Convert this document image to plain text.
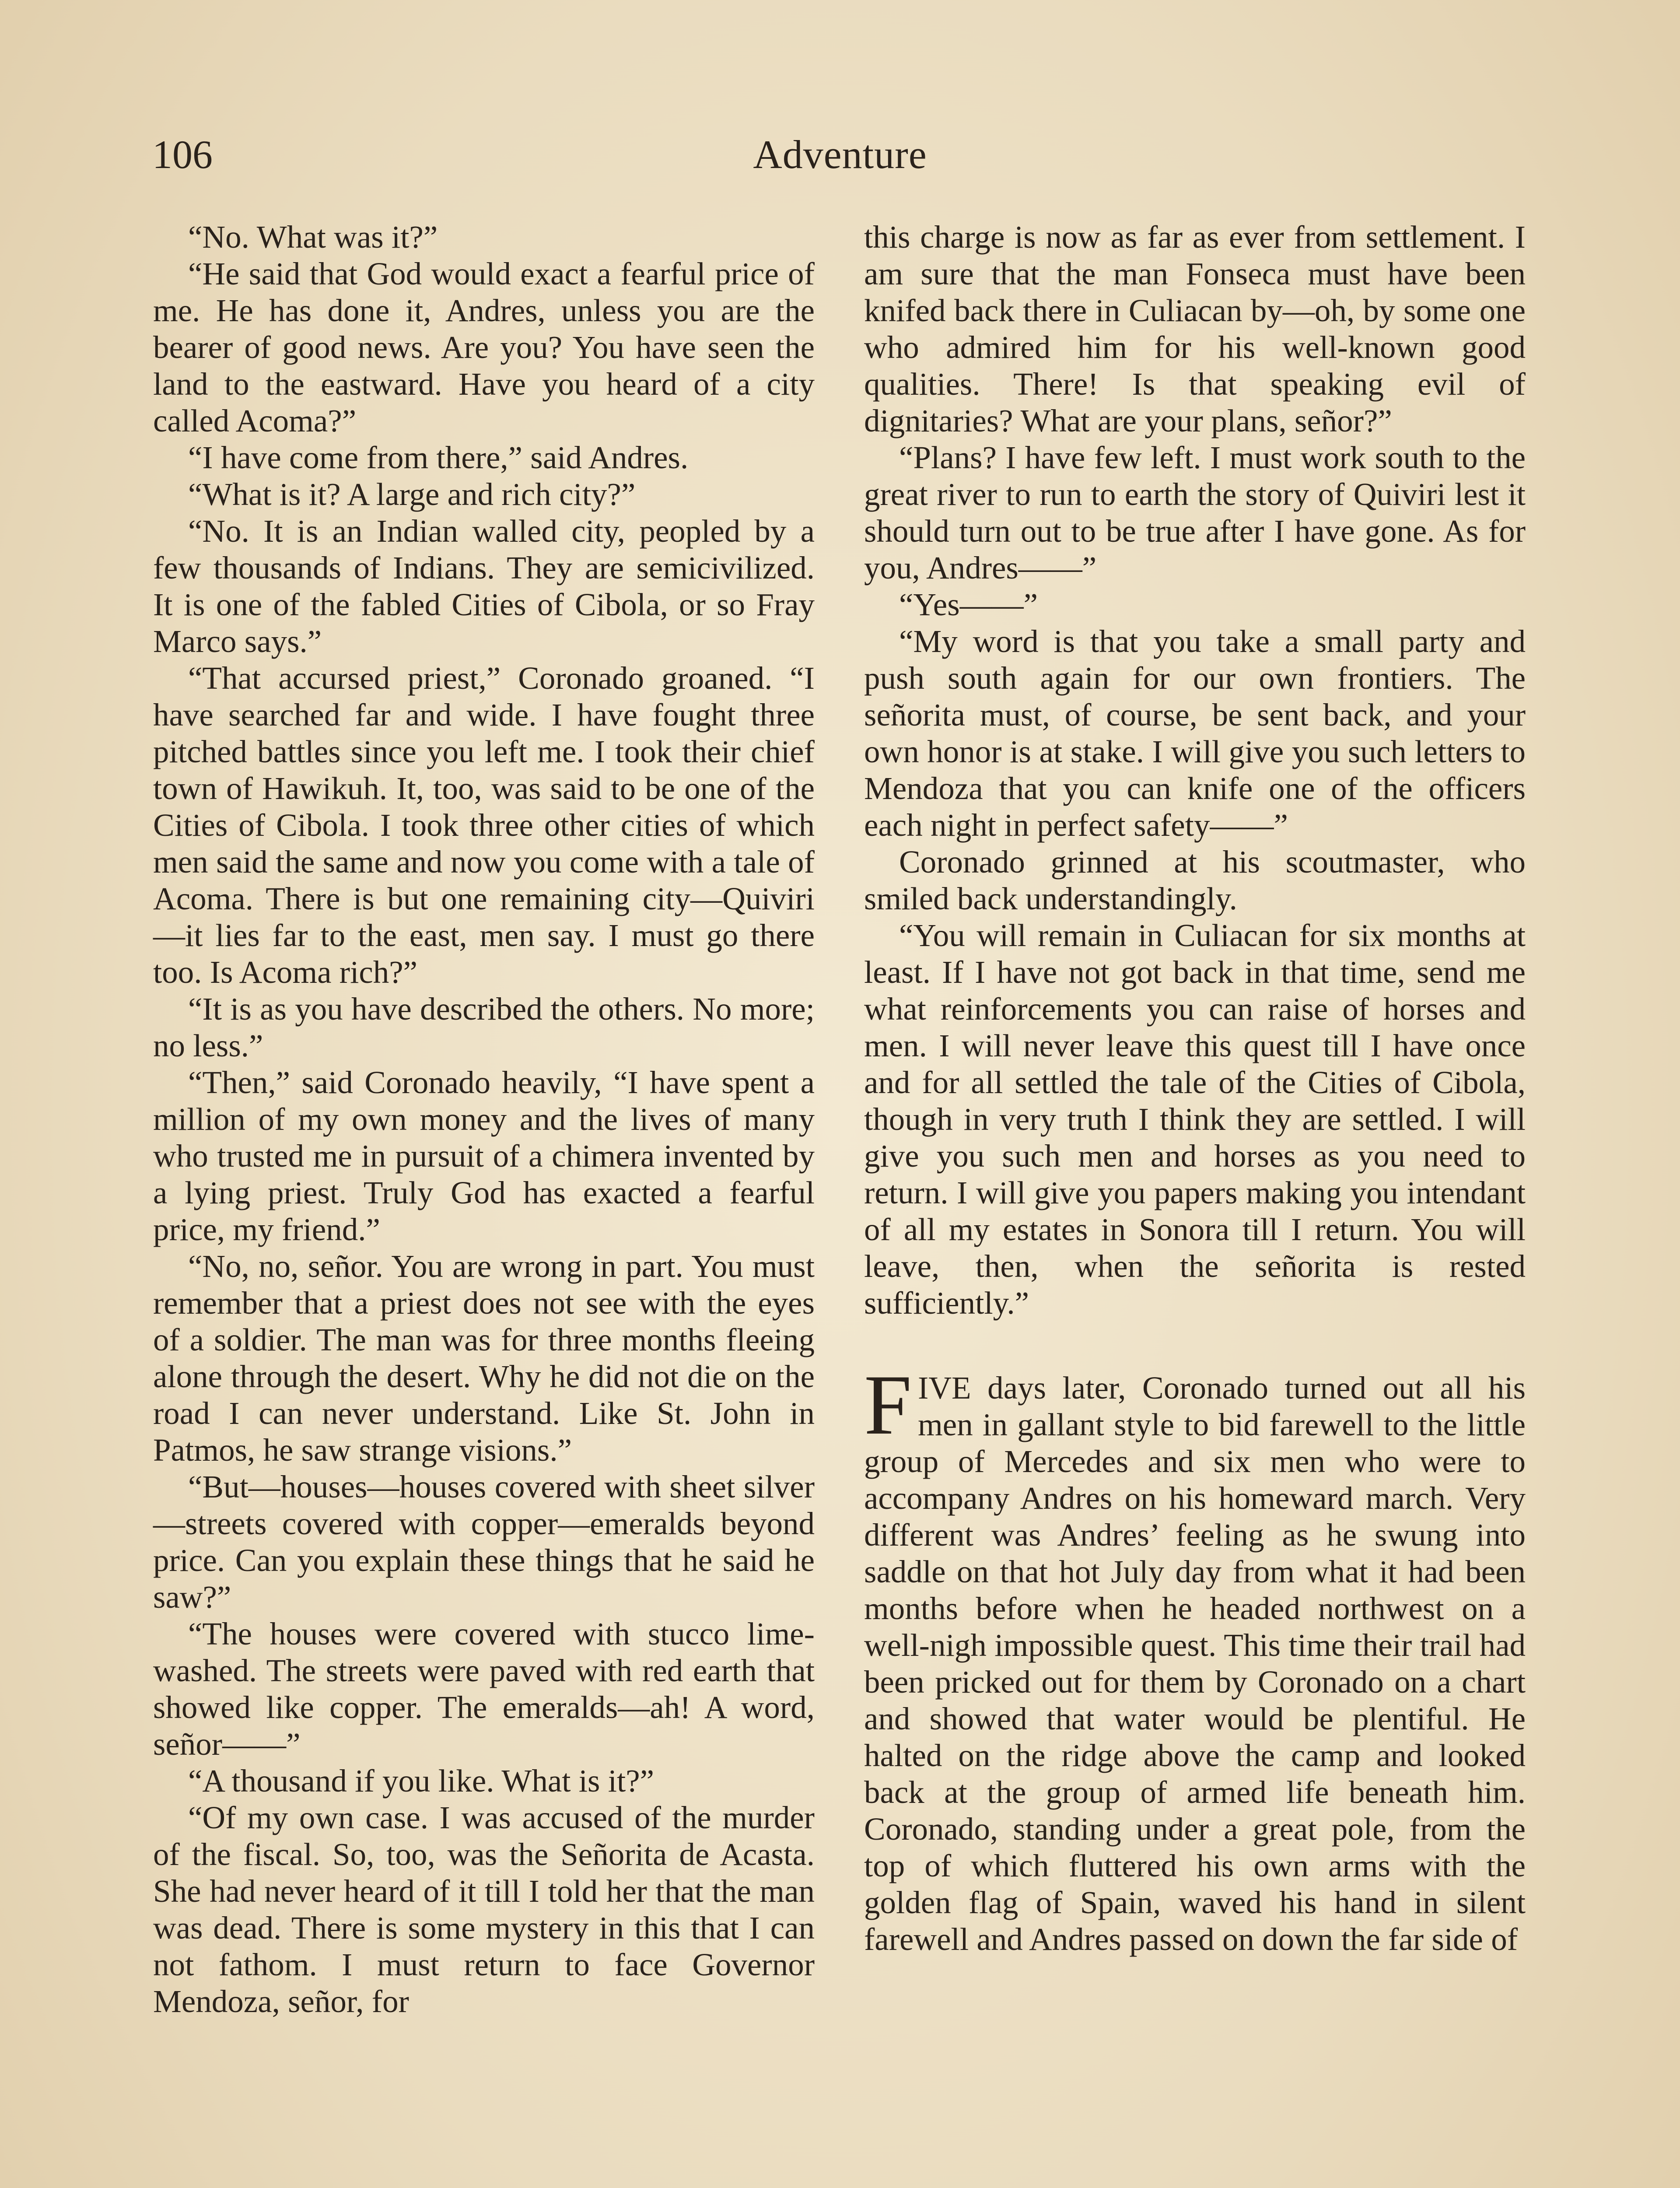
106	Adventure

“No. What was it?”

“He said that God would exact a fearful price of me. He has done it, Andres, unless you are the bearer of good news. Are you? You have seen the land to the eastward. Have you heard of a city called Acoma?”

“I have come from there,” said Andres.

“What is it? A large and rich city?”

“No. It is an Indian walled city, peopled by a few thousands of Indians. They are semicivilized. It is one of the fabled Cities of Cibola, or so Fray Marco says.”

“That accursed priest,” Coronado groaned. “I have searched far and wide. I have fought three pitched battles since you left me. I took their chief town of Hawikuh. It, too, was said to be one of the Cities of Cibola. I took three other cities of which men said the same and now you come with a tale of Acoma. There is but one remaining city—Quiviri—it lies far to the east, men say. I must go there too. Is Acoma rich?”

“It is as you have described the others. No more; no less.”

“Then,” said Coronado heavily, “I have spent a million of my own money and the lives of many who trusted me in pursuit of a chimera invented by a lying priest. Truly God has exacted a fearful price, my friend.”

“No, no, señor. You are wrong in part. You must remember that a priest does not see with the eyes of a soldier. The man was for three months fleeing alone through the desert. Why he did not die on the road I can never understand. Like St. John in Patmos, he saw strange visions.”

“But—houses—houses covered with sheet silver—streets covered with copper—emeralds beyond price. Can you explain these things that he said he saw?”

“The houses were covered with stucco lime-washed. The streets were paved with red earth that showed like copper. The emeralds—ah! A word, señor——”

“A thousand if you like. What is it?”

“Of my own case. I was accused of the murder of the fiscal. So, too, was the Señorita de Acasta. She had never heard of it till I told her that the man was dead. There is some mystery in this that I can not fathom. I must return to face Governor Mendoza, señor, for

this charge is now as far as ever from settlement. I am sure that the man Fonseca must have been knifed back there in Culiacan by—oh, by some one who admired him for his well-known good qualities. There! Is that speaking evil of dignitaries? What are your plans, señor?”

“Plans? I have few left. I must work south to the great river to run to earth the story of Quiviri lest it should turn out to be true after I have gone. As for you, Andres——”

“Yes——”

“My word is that you take a small party and push south again for our own frontiers. The señorita must, of course, be sent back, and your own honor is at stake. I will give you such letters to Mendoza that you can knife one of the officers each night in perfect safety——”

Coronado grinned at his scoutmaster, who smiled back understandingly.

“You will remain in Culiacan for six months at least. If I have not got back in that time, send me what reinforcements you can raise of horses and men. I will never leave this quest till I have once and for all settled the tale of the Cities of Cibola, though in very truth I think they are settled. I will give you such men and horses as you need to return. I will give you papers making you intendant of all my estates in Sonora till I return. You will leave, then, when the señorita is rested sufficiently.”

FIVE days later, Coronado turned out all his men in gallant style to bid farewell to the little group of Mercedes and six men who were to accompany Andres on his homeward march. Very different was Andres’ feeling as he swung into saddle on that hot July day from what it had been months before when he headed northwest on a well-nigh impossible quest. This time their trail had been pricked out for them by Coronado on a chart and showed that water would be plentiful. He halted on the ridge above the camp and looked back at the group of armed life beneath him. Coronado, standing under a great pole, from the top of which fluttered his own arms with the golden flag of Spain, waved his hand in silent farewell and Andres passed on down the far side of
